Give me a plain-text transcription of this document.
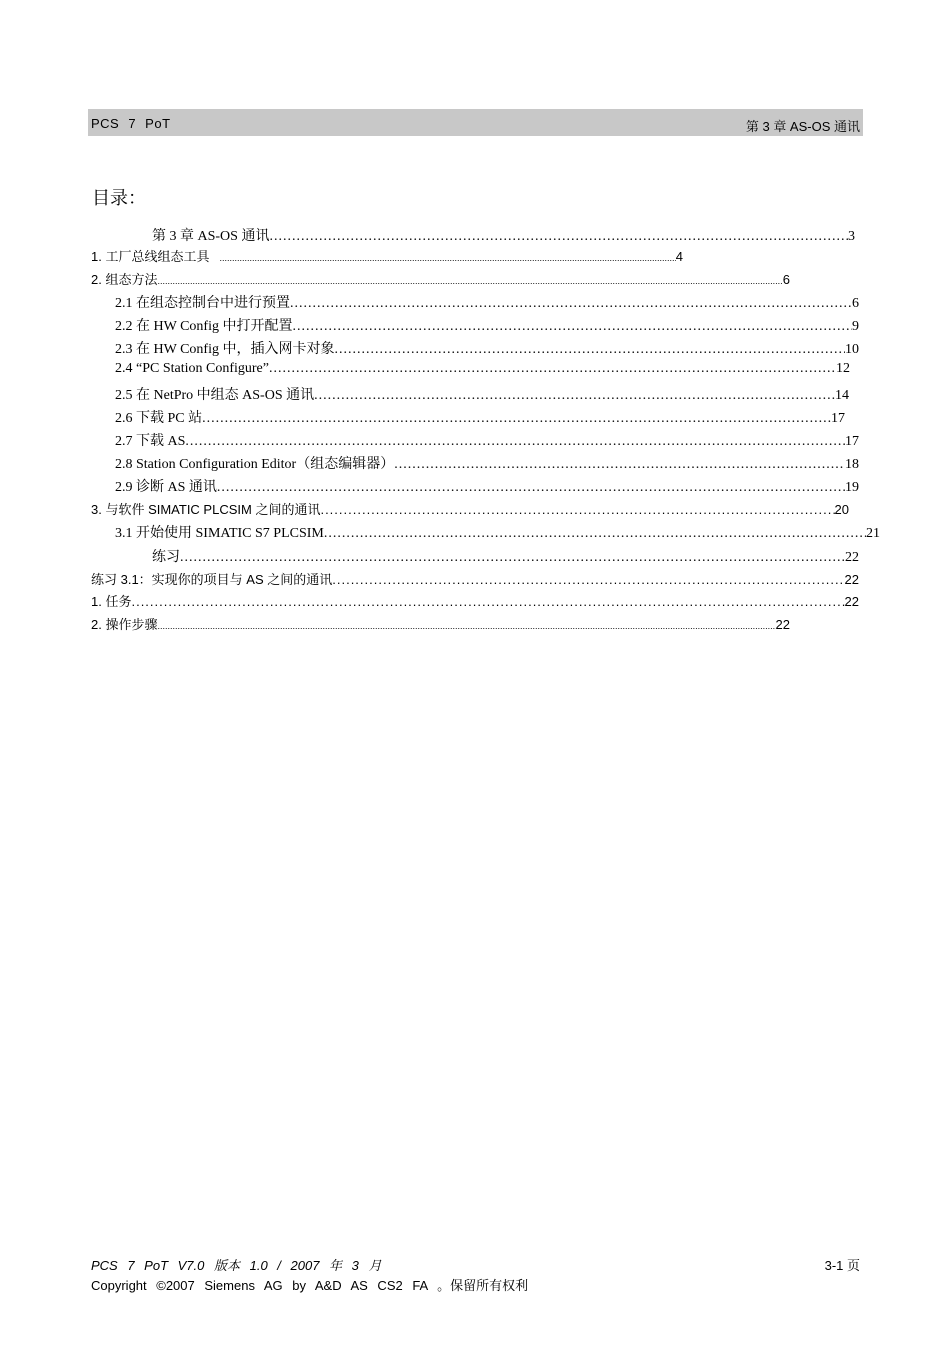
PCS 7 PoT	第 3 章 AS-OS 通讯
目录：
第 3 章 AS-OS 通讯 .....	3
1. 工厂总线组态工具 .....	4
2. 组态方法 .....	6
2.1 在组态控制台中进行预置 .....	6
2.2 在 HW Config 中打开配置 .....	9
2.3 在 HW Config 中，插入网卡对象 .....	10
2.4 “PC Station Configure” .....	12
2.5 在 NetPro 中组态 AS-OS 通讯 .....	14
2.6 下载 PC 站 .....	17
2.7 下载 AS .....	17
2.8 Station Configuration Editor（组态编辑器） .....	18
2.9 诊断 AS 通讯 .....	19
3. 与软件 SIMATIC PLCSIM 之间的通讯 .....	20
3.1 开始使用 SIMATIC S7 PLCSIM .....	21
练习 .....	22
练习 3.1：实现你的项目与 AS 之间的通讯 .....	22
1. 任务 .....	22
2. 操作步骤 .....	22
PCS 7 PoT V7.0 版本 1.0 / 2007 年 3 月	3-1 页
Copyright ©2007 Siemens AG by A&D AS CS2 FA 。保留所有权利
